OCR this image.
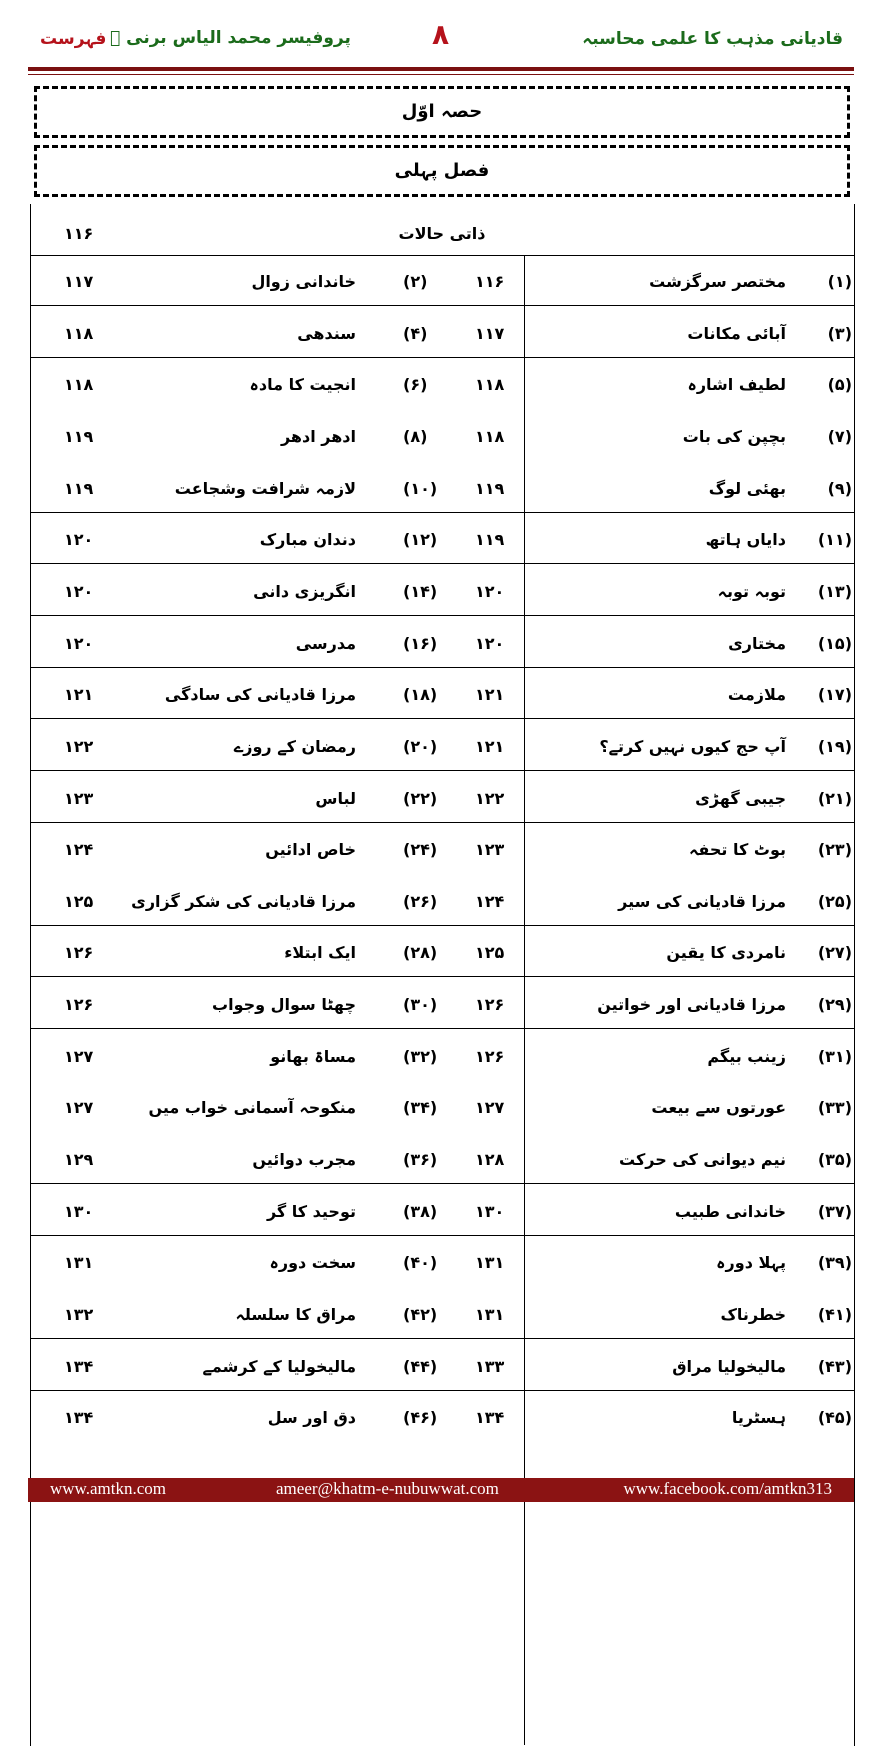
قادیانی مذہب کا علمی محاسبہ
۸
پروفیسر محمد الیاس برنی ﷫
فہرست
حصہ اوّل
فصل پہلی
ذاتی حالات
۱۱۶
(۱)
مختصر سرگزشت
۱۱۶
(۲)
خاندانی زوال
۱۱۷
(۳)
آبائی مکانات
۱۱۷
(۴)
سندھی
۱۱۸
(۵)
لطیف اشارہ
۱۱۸
(۶)
انجیت کا مادہ
۱۱۸
(۷)
بچپن کی بات
۱۱۸
(۸)
ادھر ادھر
۱۱۹
(۹)
بھئی لوگ
۱۱۹
(۱۰)
لازمہ شرافت وشجاعت
۱۱۹
(۱۱)
دایاں ہاتھ
۱۱۹
(۱۲)
دندان مبارک
۱۲۰
(۱۳)
توبہ توبہ
۱۲۰
(۱۴)
انگریزی دانی
۱۲۰
(۱۵)
مختاری
۱۲۰
(۱۶)
مدرسی
۱۲۰
(۱۷)
ملازمت
۱۲۱
(۱۸)
مرزا قادیانی کی سادگی
۱۲۱
(۱۹)
آپ حج کیوں نہیں کرتے؟
۱۲۱
(۲۰)
رمضان کے روزے
۱۲۲
(۲۱)
جیبی گھڑی
۱۲۲
(۲۲)
لباس
۱۲۳
(۲۳)
بوٹ کا تحفہ
۱۲۳
(۲۴)
خاص ادائیں
۱۲۴
(۲۵)
مرزا قادیانی کی سیر
۱۲۴
(۲۶)
مرزا قادیانی کی شکر گزاری
۱۲۵
(۲۷)
نامردی کا یقین
۱۲۵
(۲۸)
ایک ابتلاء
۱۲۶
(۲۹)
مرزا قادیانی اور خواتین
۱۲۶
(۳۰)
چھٹا سوال وجواب
۱۲۶
(۳۱)
زینب بیگم
۱۲۶
(۳۲)
مساۃ بھانو
۱۲۷
(۳۳)
عورتوں سے بیعت
۱۲۷
(۳۴)
منکوحہ آسمانی خواب میں
۱۲۷
(۳۵)
نیم دیوانی کی حرکت
۱۲۸
(۳۶)
مجرب دوائیں
۱۲۹
(۳۷)
خاندانی طبیب
۱۳۰
(۳۸)
توحید کا گر
۱۳۰
(۳۹)
پہلا دورہ
۱۳۱
(۴۰)
سخت دورہ
۱۳۱
(۴۱)
خطرناک
۱۳۱
(۴۲)
مراق کا سلسلہ
۱۳۲
(۴۳)
مالیخولیا مراق
۱۳۳
(۴۴)
مالیخولیا کے کرشمے
۱۳۴
(۴۵)
ہسٹریا
۱۳۴
(۴۶)
دق اور سل
۱۳۴
www.amtkn.com	ameer@khatm-e-nubuwwat.com	www.facebook.com/amtkn313
